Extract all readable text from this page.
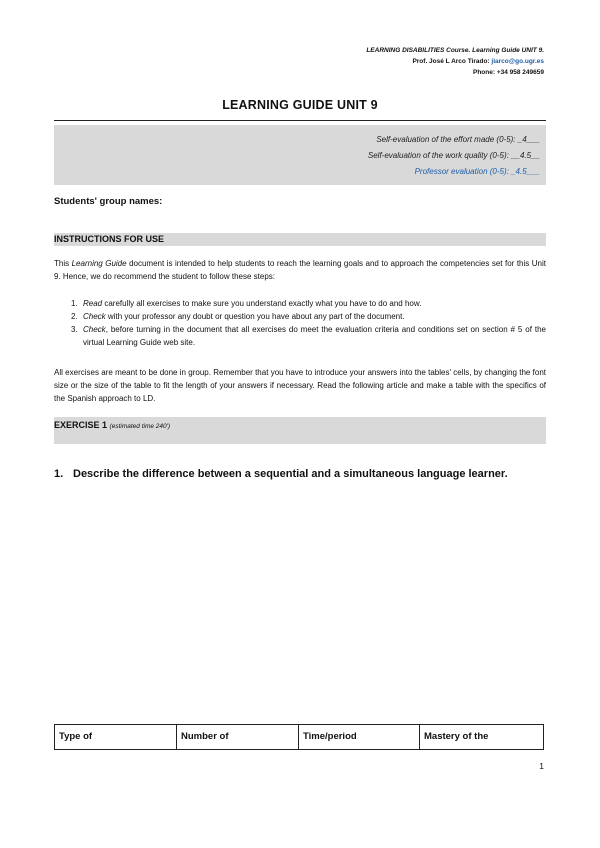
LEARNING DISABILITIES Course. Learning Guide UNIT 9.
Prof. José L Arco Tirado: jlarco@go.ugr.es
Phone: +34 958 249659
LEARNING GUIDE UNIT 9
Self-evaluation of the effort made (0-5): _4___
Self-evaluation of the work quality (0-5): __4.5__
Professor evaluation (0-5): _4.5___
Students' group names:
INSTRUCTIONS FOR USE
This Learning Guide document is intended to help students to reach the learning goals and to approach the competencies set for this Unit 9. Hence, we do recommend the student to follow these steps:
1. Read carefully all exercises to make sure you understand exactly what you have to do and how.
2. Check with your professor any doubt or question you have about any part of the document.
3. Check, before turning in the document that all exercises do meet the evaluation criteria and conditions set on section # 5 of the virtual Learning Guide web site.
All exercises are meant to be done in group. Remember that you have to introduce your answers into the tables' cells, by changing the font size or the size of the table to fit the length of your answers if necessary. Read the following article and make a table with the specifics of the Spanish approach to LD.
EXERCISE 1 (estimated time 240')
1. Describe the difference between a sequential and a simultaneous language learner.
Type of	Number of	Time/period	Mastery of the
1
